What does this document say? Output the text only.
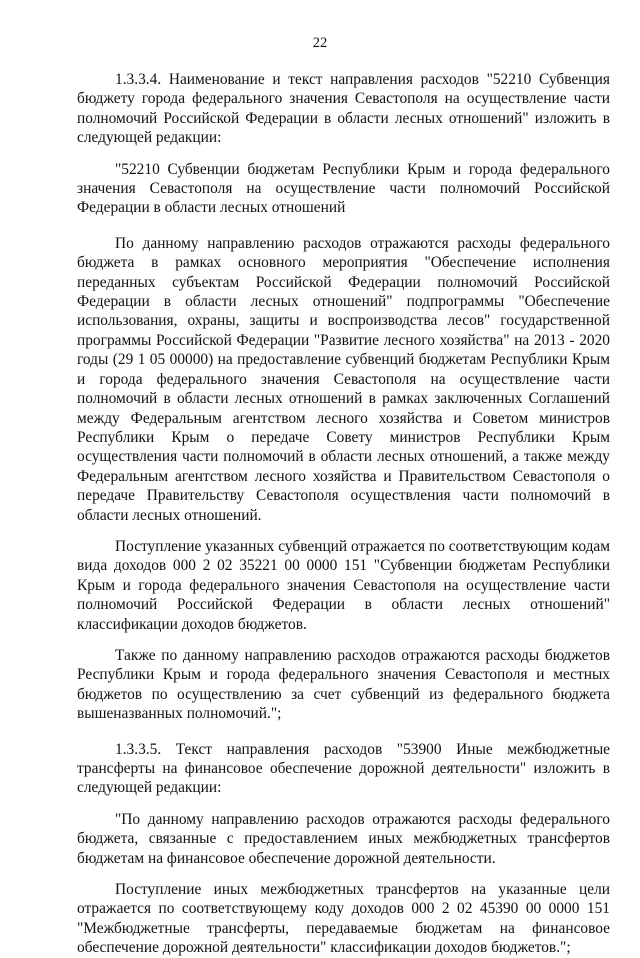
22

1.3.3.4. Наименование и текст направления расходов "52210 Субвенция бюджету города федерального значения Севастополя на осуществление части полномочий Российской Федерации в области лесных отношений" изложить в следующей редакции:

"52210 Субвенции бюджетам Республики Крым и города федерального значения Севастополя на осуществление части полномочий Российской Федерации в области лесных отношений

По данному направлению расходов отражаются расходы федерального бюджета в рамках основного мероприятия "Обеспечение исполнения переданных субъектам Российской Федерации полномочий Российской Федерации в области лесных отношений" подпрограммы "Обеспечение использования, охраны, защиты и воспроизводства лесов" государственной программы Российской Федерации "Развитие лесного хозяйства" на 2013 - 2020 годы (29 1 05 00000) на предоставление субвенций бюджетам Республики Крым и города федерального значения Севастополя на осуществление части полномочий в области лесных отношений в рамках заключенных Соглашений между Федеральным агентством лесного хозяйства и Советом министров Республики Крым о передаче Совету министров Республики Крым осуществления части полномочий в области лесных отношений, а также между Федеральным агентством лесного хозяйства и Правительством Севастополя о передаче Правительству Севастополя осуществления части полномочий в области лесных отношений.

Поступление указанных субвенций отражается по соответствующим кодам вида доходов 000 2 02 35221 00 0000 151 "Субвенции бюджетам Республики Крым и города федерального значения Севастополя на осуществление части полномочий Российской Федерации в области лесных отношений" классификации доходов бюджетов.

Также по данному направлению расходов отражаются расходы бюджетов Республики Крым и города федерального значения Севастополя и местных бюджетов по осуществлению за счет субвенций из федерального бюджета вышеназванных полномочий.";

1.3.3.5. Текст направления расходов "53900 Иные межбюджетные трансферты на финансовое обеспечение дорожной деятельности" изложить в следующей редакции:

"По данному направлению расходов отражаются расходы федерального бюджета, связанные с предоставлением иных межбюджетных трансфертов бюджетам на финансовое обеспечение дорожной деятельности.

Поступление иных межбюджетных трансфертов на указанные цели отражается по соответствующему коду доходов 000 2 02 45390 00 0000 151 "Межбюджетные трансферты, передаваемые бюджетам на финансовое обеспечение дорожной деятельности" классификации доходов бюджетов.";
